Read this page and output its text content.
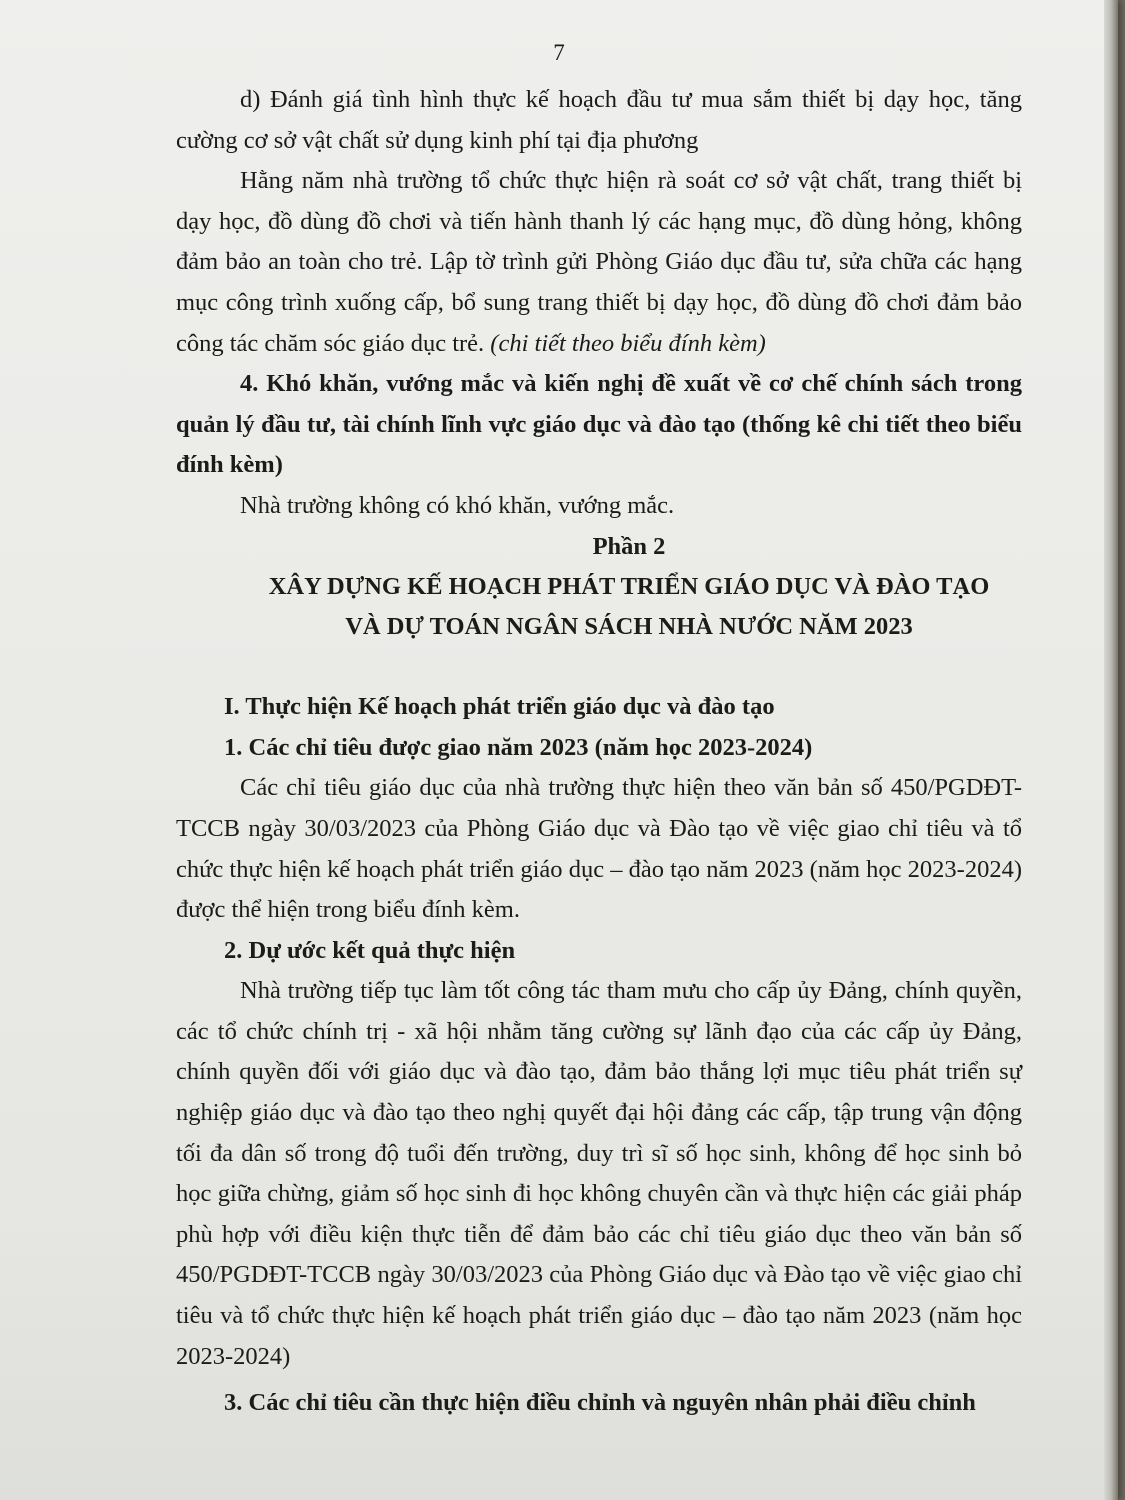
7

d) Đánh giá tình hình thực kế hoạch đầu tư mua sắm thiết bị dạy học, tăng cường cơ sở vật chất sử dụng kinh phí tại địa phương

Hằng năm nhà trường tổ chức thực hiện rà soát cơ sở vật chất, trang thiết bị dạy học, đồ dùng đồ chơi và tiến hành thanh lý các hạng mục, đồ dùng hỏng, không đảm bảo an toàn cho trẻ. Lập tờ trình gửi Phòng Giáo dục đầu tư, sửa chữa các hạng mục công trình xuống cấp, bổ sung trang thiết bị dạy học, đồ dùng đồ chơi đảm bảo công tác chăm sóc giáo dục trẻ. (chi tiết theo biểu đính kèm)

4. Khó khăn, vướng mắc và kiến nghị đề xuất về cơ chế chính sách trong quản lý đầu tư, tài chính lĩnh vực giáo dục và đào tạo (thống kê chi tiết theo biểu đính kèm)

Nhà trường không có khó khăn, vướng mắc.

Phần 2

XÂY DỰNG KẾ HOẠCH PHÁT TRIỂN GIÁO DỤC VÀ ĐÀO TẠO
VÀ DỰ TOÁN NGÂN SÁCH NHÀ NƯỚC NĂM 2023

I. Thực hiện Kế hoạch phát triển giáo dục và đào tạo

1. Các chỉ tiêu được giao năm 2023 (năm học 2023-2024)

Các chỉ tiêu giáo dục của nhà trường thực hiện theo văn bản số 450/PGDĐT-TCCB ngày 30/03/2023 của Phòng Giáo dục và Đào tạo về việc giao chỉ tiêu và tổ chức thực hiện kế hoạch phát triển giáo dục – đào tạo năm 2023 (năm học 2023-2024) được thể hiện trong biểu đính kèm.

2. Dự ước kết quả thực hiện

Nhà trường tiếp tục làm tốt công tác tham mưu cho cấp ủy Đảng, chính quyền, các tổ chức chính trị - xã hội nhằm tăng cường sự lãnh đạo của các cấp ủy Đảng, chính quyền đối với giáo dục và đào tạo, đảm bảo thắng lợi mục tiêu phát triển sự nghiệp giáo dục và đào tạo theo nghị quyết đại hội đảng các cấp, tập trung vận động tối đa dân số trong độ tuổi đến trường, duy trì sĩ số học sinh, không để học sinh bỏ học giữa chừng, giảm số học sinh đi học không chuyên cần và thực hiện các giải pháp phù hợp với điều kiện thực tiễn để đảm bảo các chỉ tiêu giáo dục theo văn bản số 450/PGDĐT-TCCB ngày 30/03/2023 của Phòng Giáo dục và Đào tạo về việc giao chỉ tiêu và tổ chức thực hiện kế hoạch phát triển giáo dục – đào tạo năm 2023 (năm học 2023-2024)

3. Các chỉ tiêu cần thực hiện điều chỉnh và nguyên nhân phải điều chỉnh
